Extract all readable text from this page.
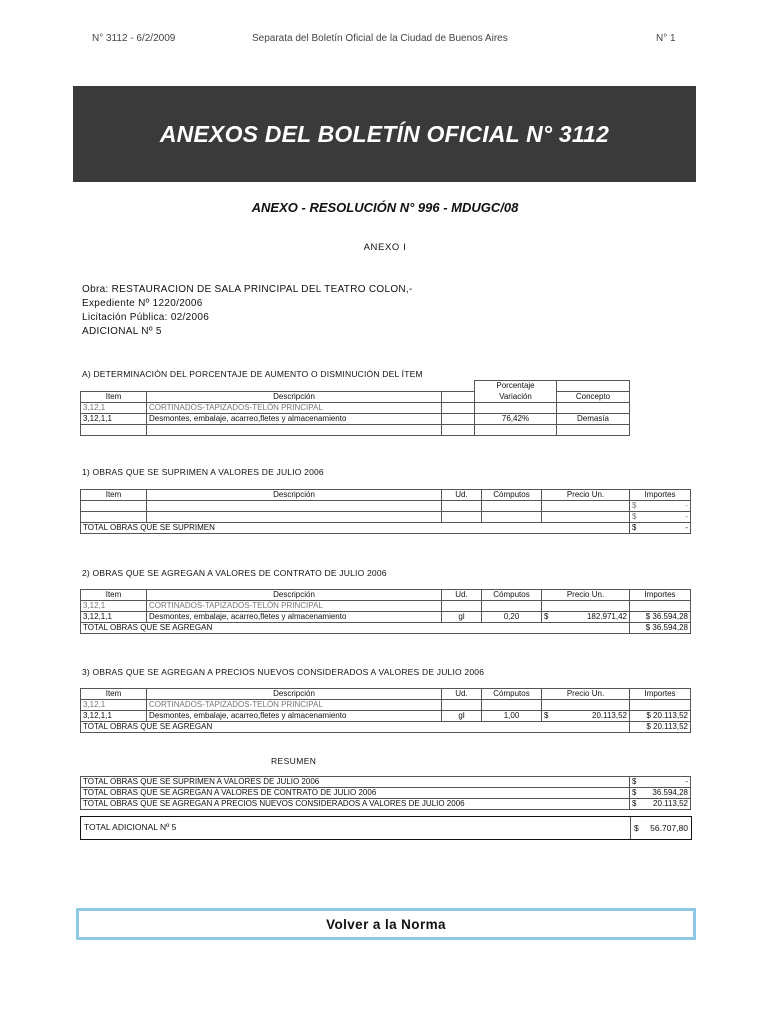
N° 3112 - 6/2/2009	Separata del Boletín Oficial de la Ciudad de Buenos Aires	N° 1
ANEXOS DEL BOLETÍN OFICIAL N° 3112
ANEXO - RESOLUCIÓN N° 996 - MDUGC/08
ANEXO I
Obra: RESTAURACION DE SALA PRINCIPAL DEL TEATRO COLON,-
Expediente Nº 1220/2006
Licitación Pública: 02/2006
ADICIONAL Nº 5
A) DETERMINACIÓN DEL PORCENTAJE DE AUMENTO O DISMINUCIÓN DEL ÍTEM
			Porcentaje	
Item	Descripción		Variación	Concepto
3,12,1	CORTINADOS-TAPIZADOS-TELÓN PRINCIPAL			
3,12,1,1	Desmontes, embalaje, acarreo,fletes y almacenamiento		76,42%	Demasía

1) OBRAS QUE SE SUPRIMEN A VALORES DE JULIO 2006
Item	Descripción	Ud.	Cómputos	Precio Un.	Importes

					$ -

					$ -

TOTAL OBRAS QUE SE SUPRIMEN					$ -
2) OBRAS QUE SE AGREGAN A VALORES DE CONTRATO DE JULIO 2006
Item	Descripción	Ud.	Cómputos	Precio Un.	Importes
3,12,1	CORTINADOS-TAPIZADOS-TELÓN PRINCIPAL				
3,12,1,1	Desmontes, embalaje, acarreo,fletes y almacenamiento	gl	0,20	$ 182.971,42	$ 36.594,28
TOTAL OBRAS QUE SE AGREGAN					$ 36.594,28
3) OBRAS QUE SE AGREGAN A PRECIOS NUEVOS CONSIDERADOS A VALORES DE JULIO 2006
Item	Descripción	Ud.	Cómputos	Precio Un.	Importes
3,12,1	CORTINADOS-TAPIZADOS-TELÓN PRINCIPAL				
3,12,1,1	Desmontes, embalaje, acarreo,fletes y almacenamiento	gl	1,00	$ 20.113,52	$ 20.113,52
TOTAL OBRAS QUE SE AGREGAN					$ 20.113,52
RESUMEN
TOTAL OBRAS QUE SE SUPRIMEN A VALORES DE JULIO 2006	$ -

TOTAL OBRAS QUE SE AGREGAN A VALORES DE CONTRATO DE JULIO 2006	$ 36.594,28

TOTAL OBRAS QUE SE AGREGAN A PRECIOS NUEVOS CONSIDERADOS A VALORES DE JULIO 2006	$ 20.113,52
TOTAL ADICIONAL Nº 5	$ 56.707,80
Volver a la Norma
